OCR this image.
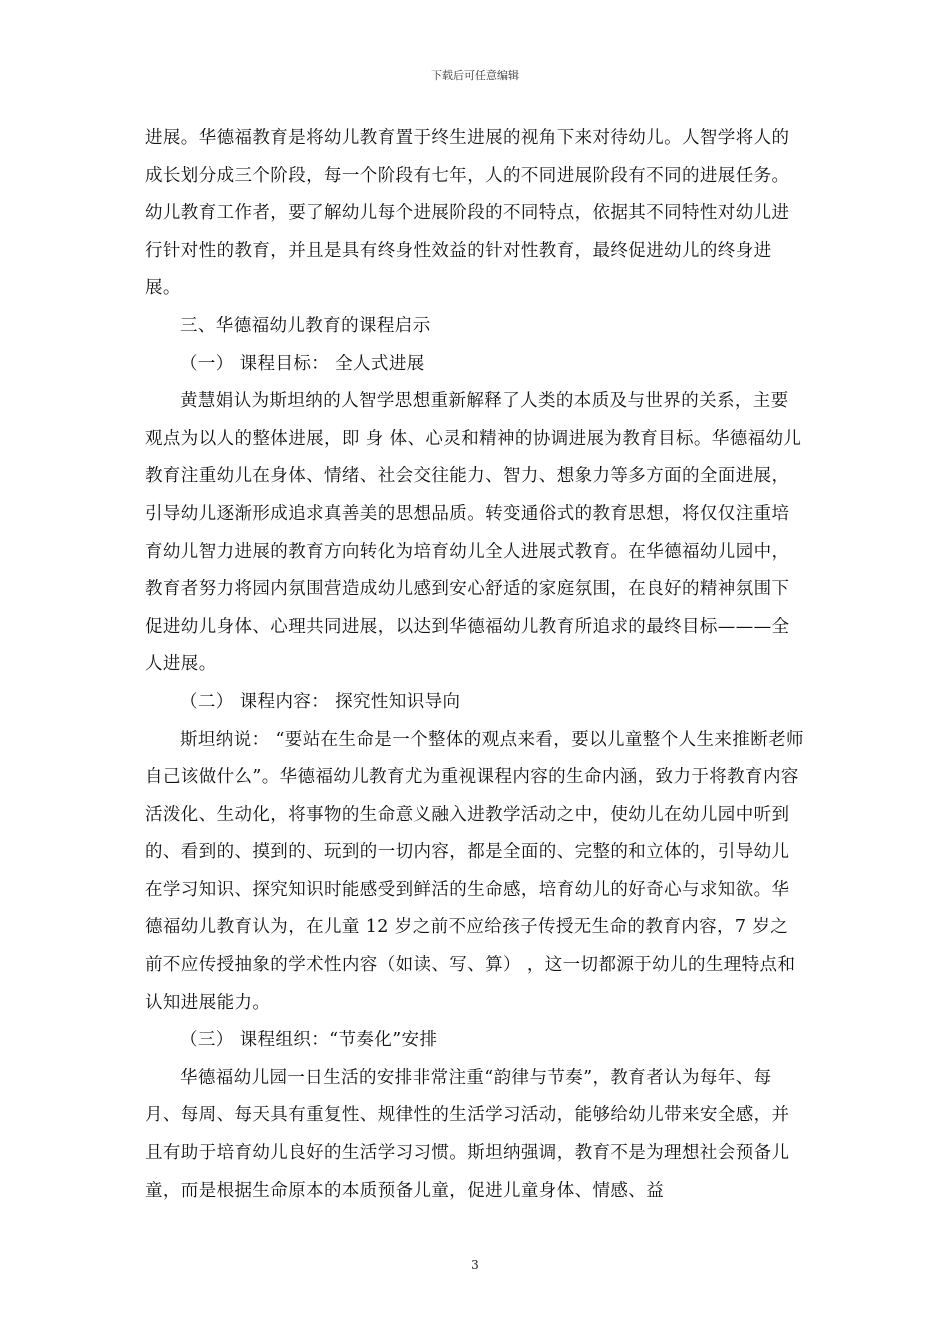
下载后可任意编辑

进展。华德福教育是将幼儿教育置于终生进展的视角下来对待幼儿。人智学将人的成长划分成三个阶段，每一个阶段有七年，人的不同进展阶段有不同的进展任务。幼儿教育工作者，要了解幼儿每个进展阶段的不同特点，依据其不同特性对幼儿进行针对性的教育，并且是具有终身性效益的针对性教育，最终促进幼儿的终身进展。

三、华德福幼儿教育的课程启示

（一） 课程目标： 全人式进展

黄慧娟认为斯坦纳的人智学思想重新解释了人类的本质及与世界的关系，主要观点为以人的整体进展，即 身 体、心灵和精神的协调进展为教育目标。华德福幼儿教育注重幼儿在身体、情绪、社会交往能力、智力、想象力等多方面的全面进展，引导幼儿逐渐形成追求真善美的思想品质。转变通俗式的教育思想，将仅仅注重培育幼儿智力进展的教育方向转化为培育幼儿全人进展式教育。在华德福幼儿园中，教育者努力将园内氛围营造成幼儿感到安心舒适的家庭氛围，在良好的精神氛围下促进幼儿身体、心理共同进展，以达到华德福幼儿教育所追求的最终目标———全人进展。

（二） 课程内容： 探究性知识导向

斯坦纳说： “要站在生命是一个整体的观点来看，要以儿童整个人生来推断老师自己该做什么”。华德福幼儿教育尤为重视课程内容的生命内涵，致力于将教育内容活泼化、生动化，将事物的生命意义融入进教学活动之中，使幼儿在幼儿园中听到的、看到的、摸到的、玩到的一切内容，都是全面的、完整的和立体的，引导幼儿在学习知识、探究知识时能感受到鲜活的生命感，培育幼儿的好奇心与求知欲。华德福幼儿教育认为，在儿童 12 岁之前不应给孩子传授无生命的教育内容，7 岁之前不应传授抽象的学术性内容（如读、写、算） ，这一切都源于幼儿的生理特点和认知进展能力。

（三） 课程组织：“节奏化”安排

华德福幼儿园一日生活的安排非常注重“韵律与节奏”，教育者认为每年、每月、每周、每天具有重复性、规律性的生活学习活动，能够给幼儿带来安全感，并且有助于培育幼儿良好的生活学习习惯。斯坦纳强调，教育不是为理想社会预备儿童，而是根据生命原本的本质预备儿童，促进儿童身体、情感、益

3
